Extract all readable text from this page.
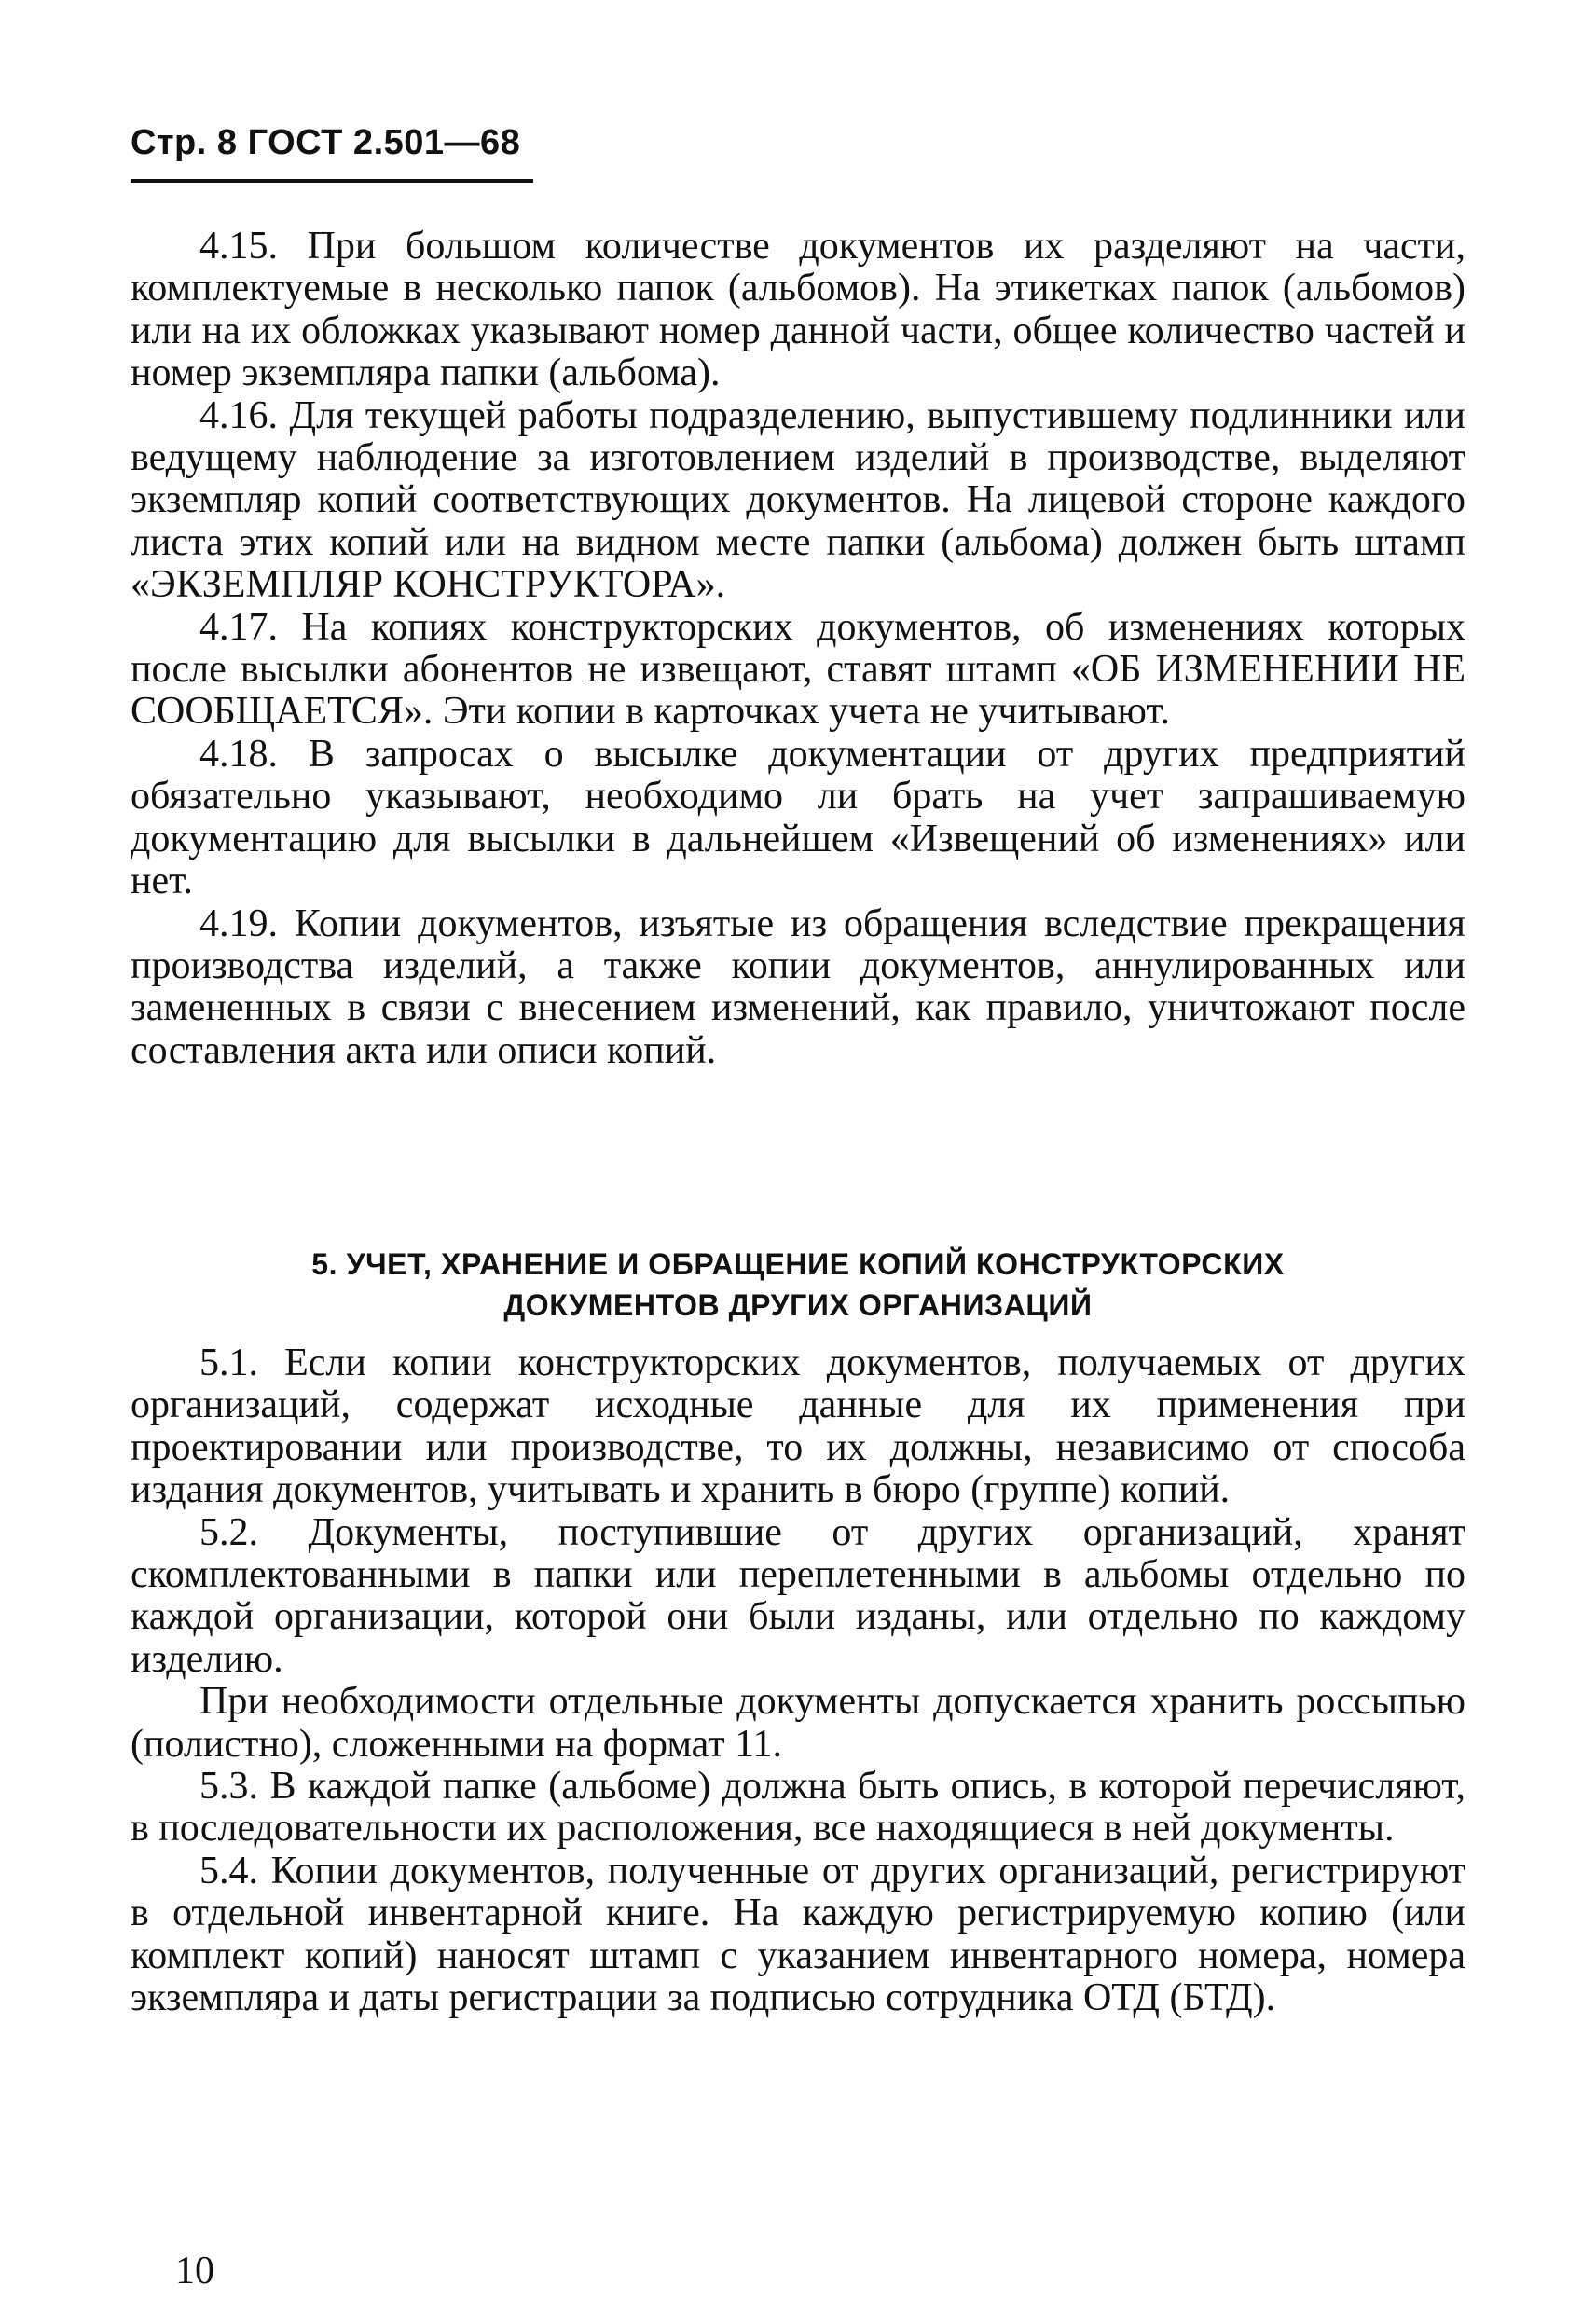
Стр. 8 ГОСТ 2.501—68

4.15. При большом количестве документов их разделяют на части, комплектуемые в несколько папок (альбомов). На этикетках папок (альбомов) или на их обложках указывают номер данной части, общее количество частей и номер экземпляра папки (альбома).

4.16. Для текущей работы подразделению, выпустившему подлинники или ведущему наблюдение за изготовлением изделий в производстве, выделяют экземпляр копий соответствующих документов. На лицевой стороне каждого листа этих копий или на видном месте папки (альбома) должен быть штамп «ЭКЗЕМПЛЯР КОНСТРУКТОРА».

4.17. На копиях конструкторских документов, об изменениях которых после высылки абонентов не извещают, ставят штамп «ОБ ИЗМЕНЕНИИ НЕ СООБЩАЕТСЯ». Эти копии в карточках учета не учитывают.

4.18. В запросах о высылке документации от других предприятий обязательно указывают, необходимо ли брать на учет запрашиваемую документацию для высылки в дальнейшем «Извещений об изменениях» или нет.

4.19. Копии документов, изъятые из обращения вследствие прекращения производства изделий, а также копии документов, аннулированных или замененных в связи с внесением изменений, как правило, уничтожают после составления акта или описи копий.

5. УЧЕТ, ХРАНЕНИЕ И ОБРАЩЕНИЕ КОПИЙ КОНСТРУКТОРСКИХ
ДОКУМЕНТОВ ДРУГИХ ОРГАНИЗАЦИЙ

5.1. Если копии конструкторских документов, получаемых от других организаций, содержат исходные данные для их применения при проектировании или производстве, то их должны, независимо от способа издания документов, учитывать и хранить в бюро (группе) копий.

5.2. Документы, поступившие от других организаций, хранят скомплектованными в папки или переплетенными в альбомы отдельно по каждой организации, которой они были изданы, или отдельно по каждому изделию.

При необходимости отдельные документы допускается хранить россыпью (полистно), сложенными на формат 11.

5.3. В каждой папке (альбоме) должна быть опись, в которой перечисляют, в последовательности их расположения, все находящиеся в ней документы.

5.4. Копии документов, полученные от других организаций, регистрируют в отдельной инвентарной книге. На каждую регистрируемую копию (или комплект копий) наносят штамп с указанием инвентарного номера, номера экземпляра и даты регистрации за подписью сотрудника ОТД (БТД).

10
